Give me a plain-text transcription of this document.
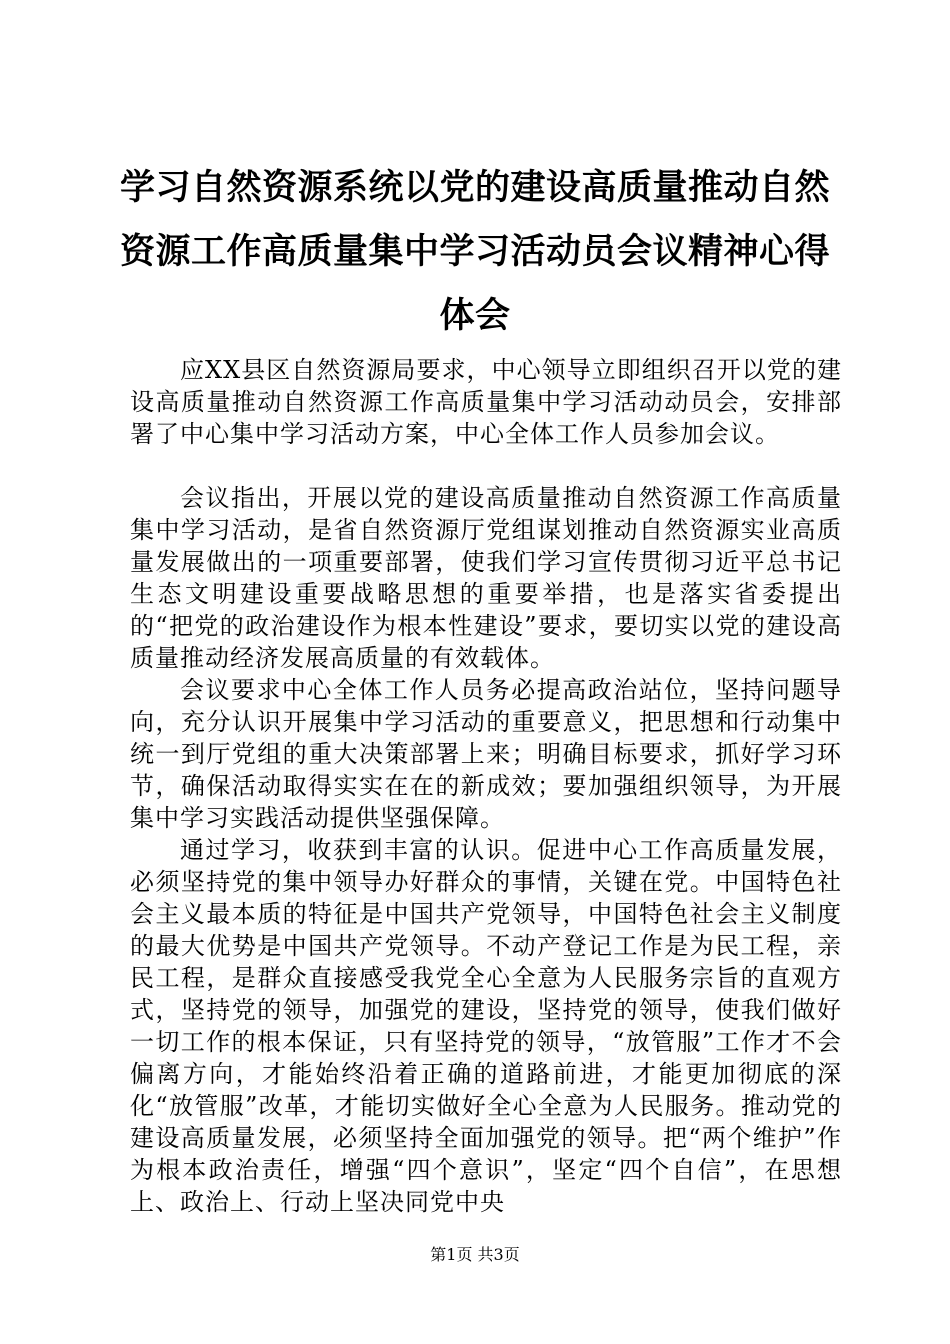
学习自然资源系统以党的建设高质量推动自然资源工作高质量集中学习活动员会议精神心得体会

应XX县区自然资源局要求，中心领导立即组织召开以党的建设高质量推动自然资源工作高质量集中学习活动动员会，安排部署了中心集中学习活动方案，中心全体工作人员参加会议。

会议指出，开展以党的建设高质量推动自然资源工作高质量集中学习活动，是省自然资源厅党组谋划推动自然资源实业高质量发展做出的一项重要部署，使我们学习宣传贯彻习近平总书记生态文明建设重要战略思想的重要举措，也是落实省委提出的“把党的政治建设作为根本性建设”要求，要切实以党的建设高质量推动经济发展高质量的有效载体。

会议要求中心全体工作人员务必提高政治站位，坚持问题导向，充分认识开展集中学习活动的重要意义，把思想和行动集中统一到厅党组的重大决策部署上来；明确目标要求，抓好学习环节，确保活动取得实实在在的新成效；要加强组织领导，为开展集中学习实践活动提供坚强保障。

通过学习，收获到丰富的认识。促进中心工作高质量发展，必须坚持党的集中领导办好群众的事情，关键在党。中国特色社会主义最本质的特征是中国共产党领导，中国特色社会主义制度的最大优势是中国共产党领导。不动产登记工作是为民工程，亲民工程，是群众直接感受我党全心全意为人民服务宗旨的直观方式，坚持党的领导，加强党的建设，坚持党的领导，使我们做好一切工作的根本保证，只有坚持党的领导，“放管服”工作才不会偏离方向，才能始终沿着正确的道路前进，才能更加彻底的深化“放管服”改革，才能切实做好全心全意为人民服务。推动党的建设高质量发展，必须坚持全面加强党的领导。把“两个维护”作为根本政治责任，增强“四个意识”，坚定“四个自信”，在思想上、政治上、行动上坚决同党中央

第1页 共3页
